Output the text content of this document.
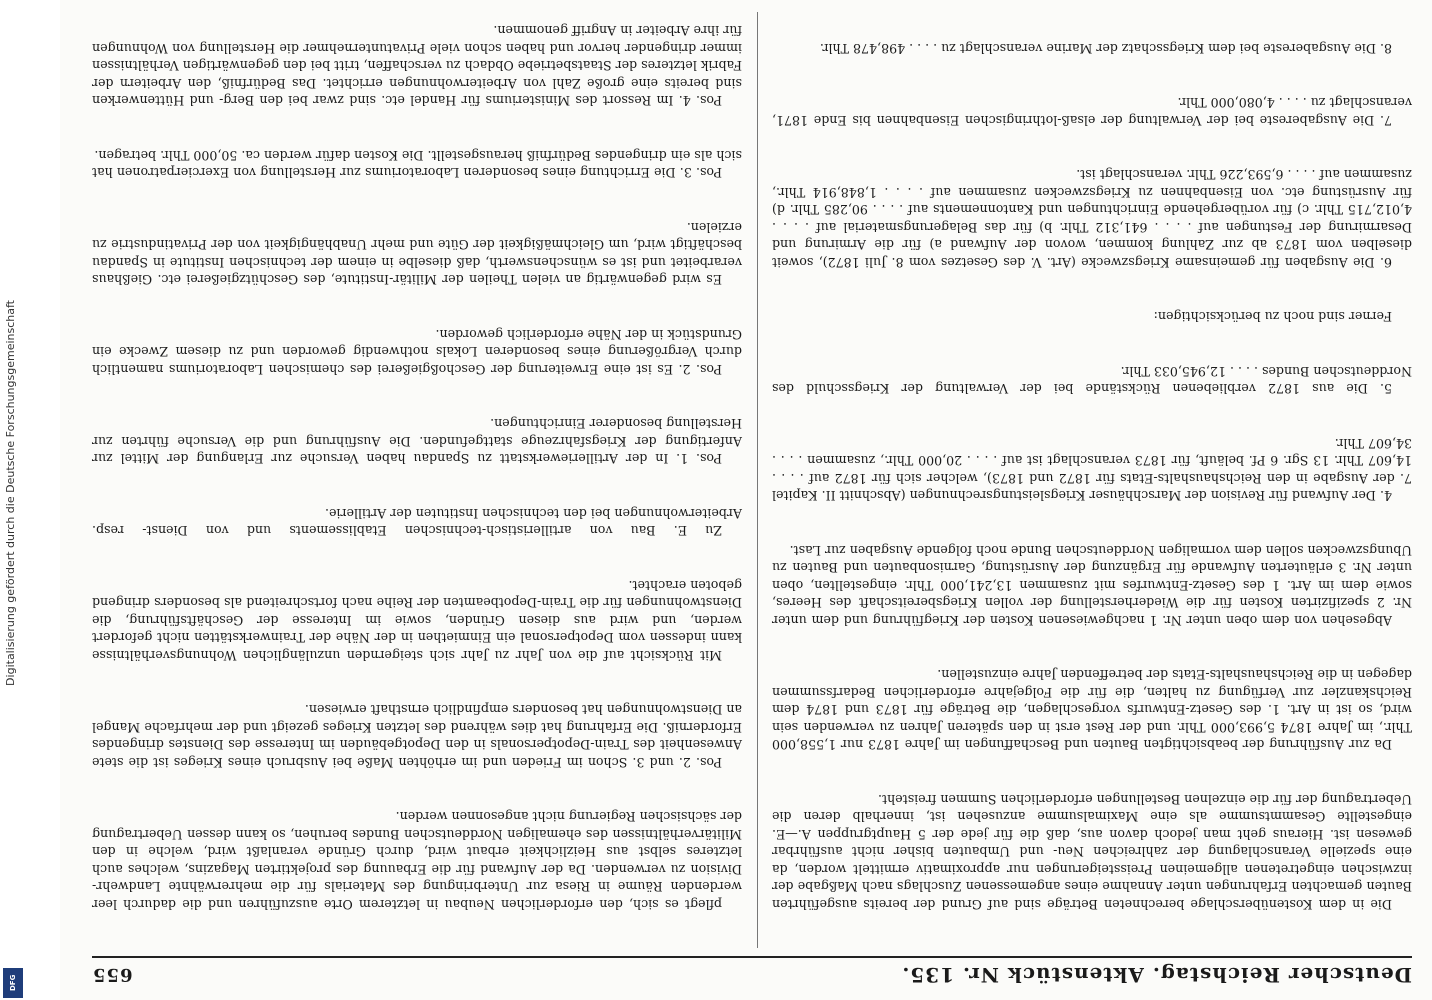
Deutscher Reichstag. Aktenstück Nr. 135.
655

Die in dem Kostenüberschlage berechneten Beträge sind auf Grund der bereits ausgeführten Bauten gemachten Erfahrungen unter Annahme eines angemessenen Zuschlags nach Maßgabe der inzwischen eingetretenen allgemeinen Preissteigerungen nur approximativ ermittelt worden, da eine spezielle Veranschlagung der zahlreichen Neu- und Umbauten bisher nicht ausführbar gewesen ist. Hieraus geht man jedoch davon aus, daß die für jede der 5 Hauptgruppen A.—E. eingestellte Gesammtsumme als eine Maximalsumme anzusehen ist, innerhalb deren die Uebertragung der für die einzelnen Bestellungen erforderlichen Summen freisteht.

Da zur Ausführung der beabsichtigten Bauten und Beschaffungen im Jahre 1873 nur 1,558,000 Thlr., im Jahre 1874 5,993,000 Thlr. und der Rest erst in den späteren Jahren zu verwenden sein wird, so ist in Art. 1. des Gesetz-Entwurfs vorgeschlagen, die Beträge für 1873 und 1874 dem Reichskanzler zur Verfügung zu halten, die für die Folgejahre erforderlichen Bedarfssummen dagegen in die Reichshaushalts-Etats der betreffenden Jahre einzustellen.

Abgesehen von dem oben unter Nr. 1 nachgewiesenen Kosten der Kriegführung und dem unter Nr. 2 spezifizirten Kosten für die Wiederherstellung der vollen Kriegsbereitschaft des Heeres, sowie dem im Art. 1 des Gesetz-Entwurfes mit zusammen 13,241,000 Thlr. eingestellten, oben unter Nr. 3 erläuterten Aufwande für Ergänzung der Ausrüstung, Garnisonbauten und Bauten zu Ubungszwecken sollen dem vormaligen Norddeutschen Bunde noch folgende Ausgaben zur Last.

4. Der Aufwand für Revision der Marschhäuser Kriegsleistungsrechnungen (Abschnitt II. Kapitel 7. der Ausgabe in den Reichshaushalts-Etats für 1872 und 1873), welcher sich für 1872 auf . . . . 14,607 Thlr. 13 Sgr. 6 Pf. beläuft, für 1873 veranschlagt ist auf . . . . 20,000 Thlr., zusammen . . . . 34,607 Thlr.

5. Die aus 1872 verbliebenen Rückstände bei der Verwaltung der Kriegsschuld des Norddeutschen Bundes . . . . 12,945,033 Thlr.

Ferner sind noch zu berücksichtigen:

6. Die Ausgaben für gemeinsame Kriegszwecke (Art. V. des Gesetzes vom 8. Juli 1872), soweit dieselben vom 1873 ab zur Zahlung kommen, wovon der Aufwand a) für die Armirung und Desarmirung der Festungen auf . . . . 641,312 Thlr. b) für das Belagerungsmaterial auf . . . . 4,012,715 Thlr. c) für vorübergehende Einrichtungen und Kantonnements auf . . . . 90,285 Thlr. d) für Ausrüstung etc. von Eisenbahnen zu Kriegszwecken zusammen auf . . . . 1,848,914 Thlr., zusammen auf . . . . 6,593,226 Thlr. veranschlagt ist.

7. Die Ausgabereste bei der Verwaltung der elsaß-lothringischen Eisenbahnen bis Ende 1871, veranschlagt zu . . . . 4,080,000 Thlr.

8. Die Ausgabereste bei dem Kriegsschatz der Marine veranschlagt zu . . . . 498,478 Thlr.

pflegt es sich, den erforderlichen Neubau in letzterem Orte auszuführen und die dadurch leer werdenden Räume in Riesa zur Unterbringung des Materials für die mehrerwähnte Landwehr-Division zu verwenden. Da der Aufwand für die Erbauung des projektirten Magazins, welches auch letzteres selbst aus Heizlichkeit erbaut wird, durch Gründe veranlaßt wird, welche in den Militärverhältnissen des ehemaligen Norddeutschen Bundes beruhen, so kann dessen Uebertragung der sächsischen Regierung nicht angesonnen werden.

Pos. 2. und 3. Schon im Frieden und im erhöhten Maße bei Ausbruch eines Krieges ist die stete Anwesenheit des Train-Depotpersonals in den Depotgebäuden im Interesse des Dienstes dringendes Erforderniß. Die Erfahrung hat dies während des letzten Krieges gezeigt und der mehrfache Mangel an Dienstwohnungen hat besonders empfindlich ernsthaft erwiesen.

Mit Rücksicht auf die von Jahr zu Jahr sich steigernden unzulänglichen Wohnungsverhältnisse kann indessen vom Depotpersonal ein Einmiethen in der Nähe der Trainwerkstätten nicht gefordert werden, und wird aus diesen Gründen, sowie im Interesse der Geschäftsführung, die Dienstwohnungen für die Train-Depotbeamten der Reihe nach fortschreitend als besonders dringend geboten erachtet.

Zu E. Bau von artilleristisch-technischen Etablissements und von Dienst- resp. Arbeiterwohnungen bei den technischen Instituten der Artillerie.

Pos. 1. In der Artilleriewerkstatt zu Spandau haben Versuche zur Erlangung der Mittel zur Anfertigung der Kriegsfahrzeuge stattgefunden. Die Ausführung und die Versuche führten zur Herstellung besonderer Einrichtungen.

Pos. 2. Es ist eine Erweiterung der Geschoßgießerei des chemischen Laboratoriums namentlich durch Vergrößerung eines besonderen Lokals nothwendig geworden und zu diesem Zwecke ein Grundstück in der Nähe erforderlich geworden.

Es wird gegenwärtig an vielen Theilen der Militär-Institute, des Geschützgießerei etc. Gießhaus verarbeitet und ist es wünschenswerth, daß dieselbe in einem der technischen Institute in Spandau beschäftigt wird, um Gleichmäßigkeit der Güte und mehr Unabhängigkeit von der Privatindustrie zu erzielen.

Pos. 3. Die Errichtung eines besonderen Laboratoriums zur Herstellung von Exercierpatronen hat sich als ein dringendes Bedürfniß herausgestellt. Die Kosten dafür werden ca. 50,000 Thlr. betragen.

Pos. 4. Im Ressort des Ministeriums für Handel etc. sind zwar bei den Berg- und Hüttenwerken sind bereits eine große Zahl von Arbeiterwohnungen errichtet. Das Bedürfniß, den Arbeitern der Fabrik letzteres der Staatsbetriebe Obdach zu verschaffen, tritt bei den gegenwärtigen Verhältnissen immer dringender hervor und haben schon viele Privatunternehmer die Herstellung von Wohnungen für ihre Arbeiter in Angriff genommen.

Digitalisierung gefördert durch die Deutsche Forschungsgemeinschaft
DFG
